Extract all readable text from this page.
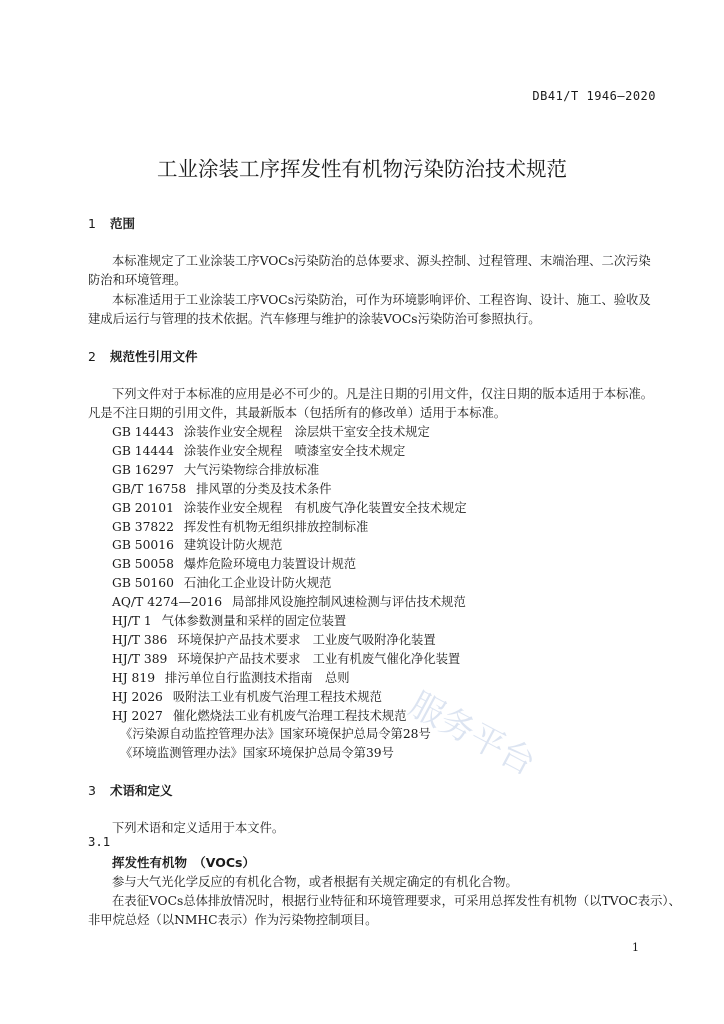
DB41/T 1946—2020
工业涂装工序挥发性有机物污染防治技术规范
1 范围
本标准规定了工业涂装工序VOCs污染防治的总体要求、源头控制、过程管理、末端治理、二次污染
防治和环境管理。
本标准适用于工业涂装工序VOCs污染防治，可作为环境影响评价、工程咨询、设计、施工、验收及
建成后运行与管理的技术依据。汽车修理与维护的涂装VOCs污染防治可参照执行。
2 规范性引用文件
下列文件对于本标准的应用是必不可少的。凡是注日期的引用文件，仅注日期的版本适用于本标准。
凡是不注日期的引用文件，其最新版本（包括所有的修改单）适用于本标准。
GB 14443 涂装作业安全规程　涂层烘干室安全技术规定
GB 14444 涂装作业安全规程　喷漆室安全技术规定
GB 16297 大气污染物综合排放标准
GB/T 16758 排风罩的分类及技术条件
GB 20101 涂装作业安全规程　有机废气净化装置安全技术规定
GB 37822 挥发性有机物无组织排放控制标准
GB 50016 建筑设计防火规范
GB 50058 爆炸危险环境电力装置设计规范
GB 50160 石油化工企业设计防火规范
AQ/T 4274—2016 局部排风设施控制风速检测与评估技术规范
HJ/T 1 气体参数测量和采样的固定位装置
HJ/T 386 环境保护产品技术要求　工业废气吸附净化装置
HJ/T 389 环境保护产品技术要求　工业有机废气催化净化装置
HJ 819 排污单位自行监测技术指南　总则
HJ 2026 吸附法工业有机废气治理工程技术规范
HJ 2027 催化燃烧法工业有机废气治理工程技术规范
《污染源自动监控管理办法》国家环境保护总局令第28号
《环境监测管理办法》国家环境保护总局令第39号
3 术语和定义
下列术语和定义适用于本文件。
3.1
挥发性有机物　（VOCs）
参与大气光化学反应的有机化合物，或者根据有关规定确定的有机化合物。
在表征VOCs总体排放情况时，根据行业特征和环境管理要求，可采用总挥发性有机物（以TVOC表示）、
非甲烷总烃（以NMHC表示）作为污染物控制项目。
服务平台
1
